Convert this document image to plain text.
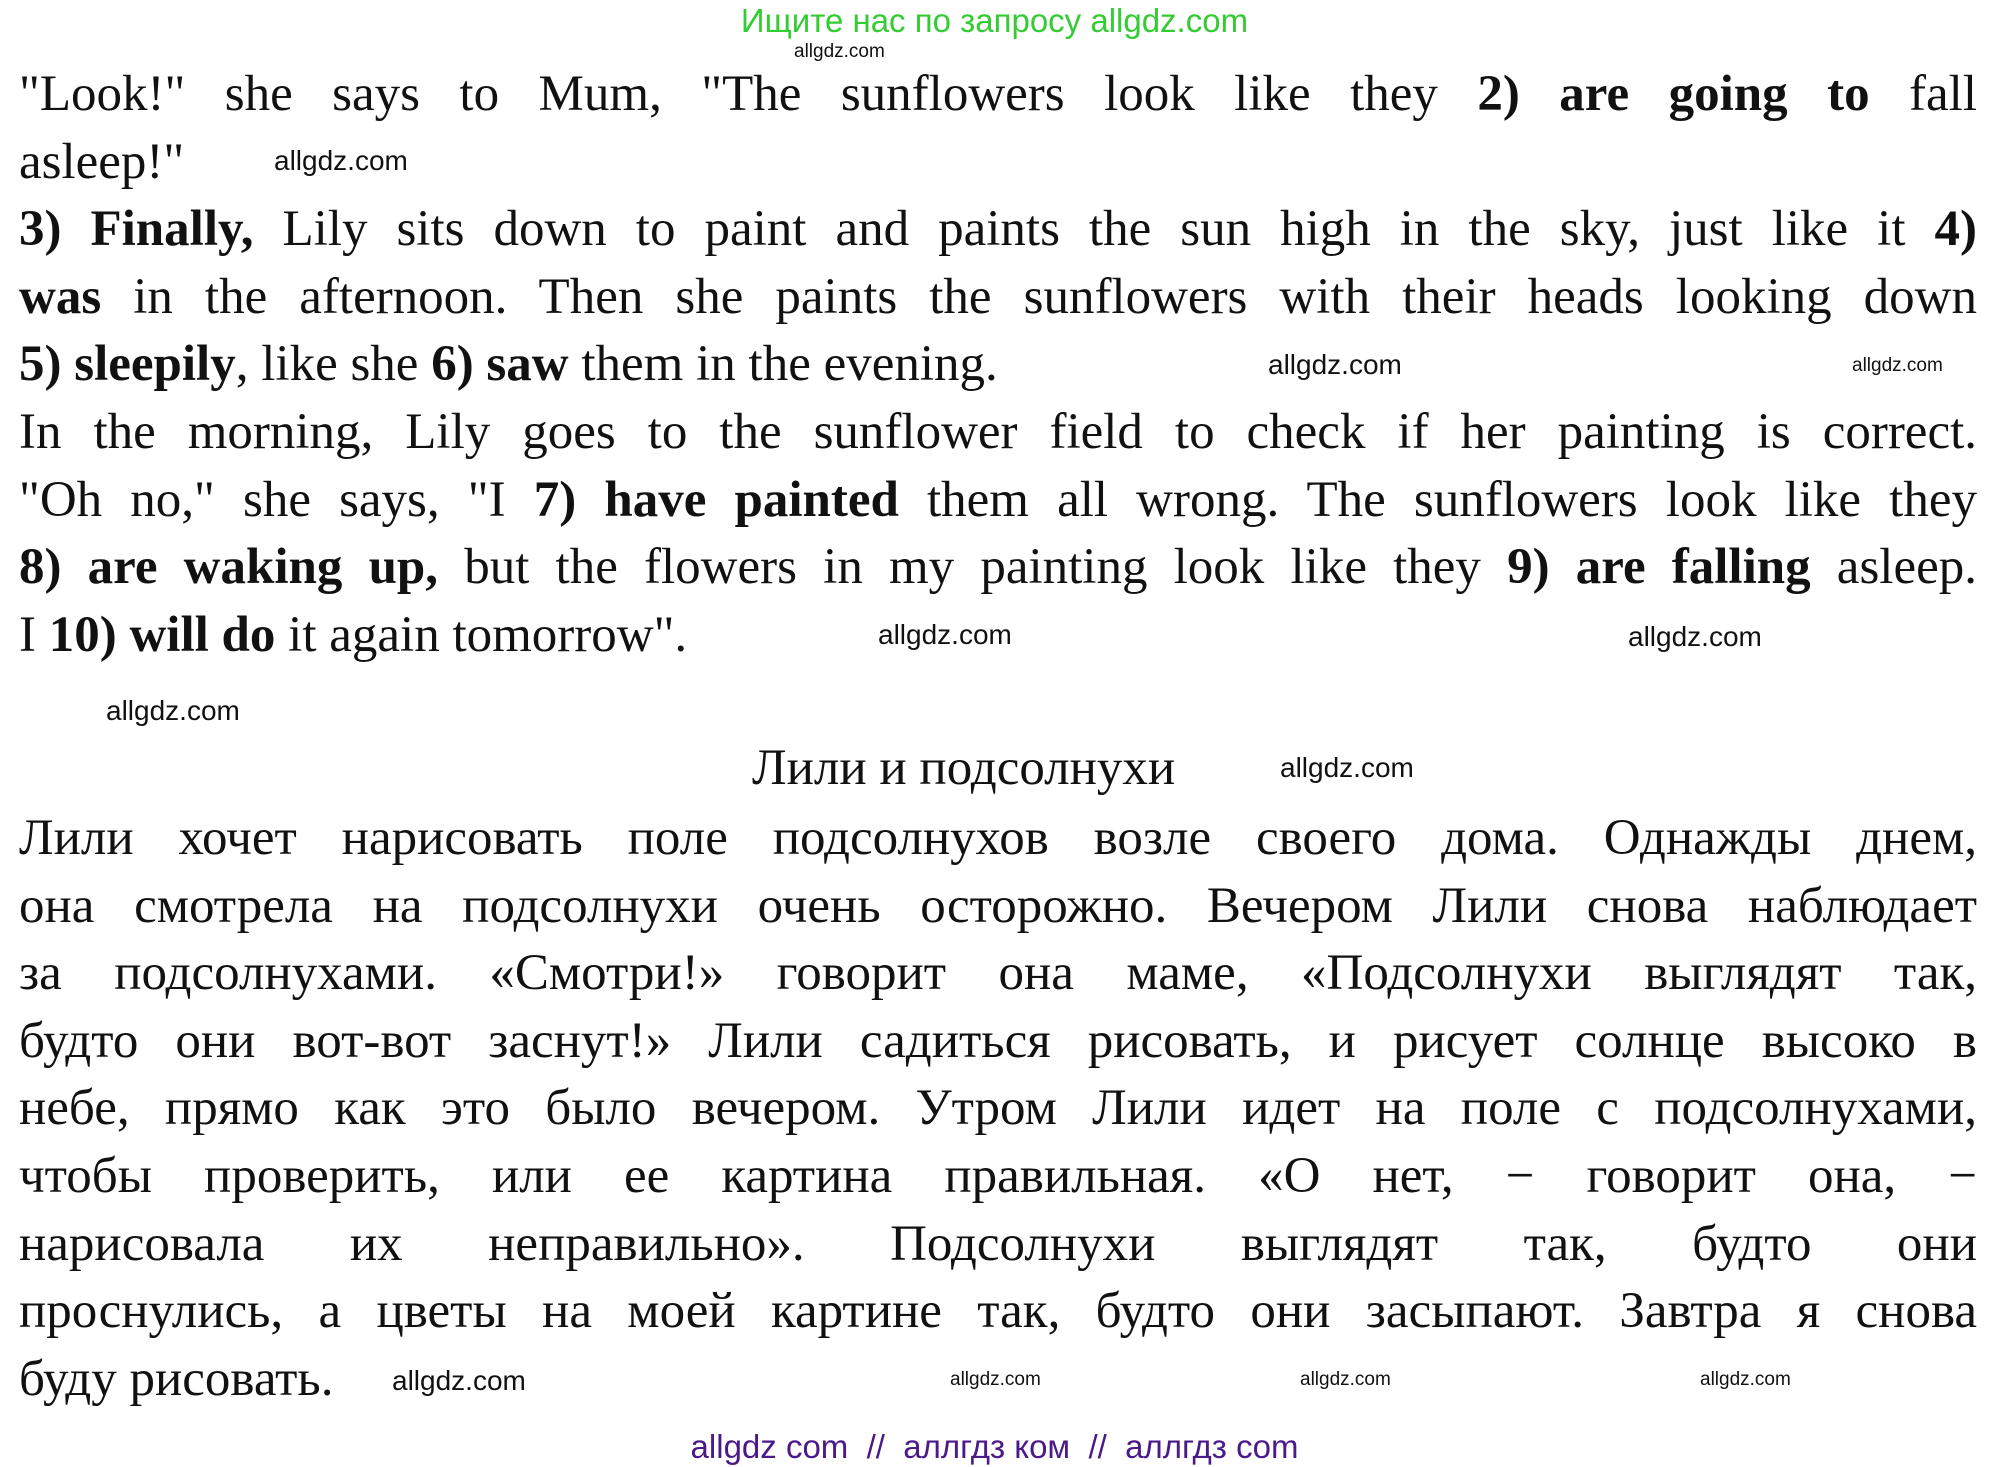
Ищите нас по запросу allgdz.com
"Look!" she says to Mum, "The sunflowers look like they 2) are going to fall
asleep!"
3) Finally, Lily sits down to paint and paints the sun high in the sky, just like it 4)
was in the afternoon. Then she paints the sunflowers with their heads looking down
5) sleepily, like she 6) saw them in the evening.
In the morning, Lily goes to the sunflower field to check if her painting is correct.
"Oh no," she says, "I 7) have painted them all wrong. The sunflowers look like they
8) are waking up, but the flowers in my painting look like they 9) are falling asleep.
I 10) will do it again tomorrow".
Лили и подсолнухи
Лили хочет нарисовать поле подсолнухов возле своего дома. Однажды днем,
она смотрела на подсолнухи очень осторожно. Вечером Лили снова наблюдает
за подсолнухами. «Смотри!» говорит она маме, «Подсолнухи выглядят так,
будто они вот-вот заснут!» Лили садиться рисовать, и рисует солнце высоко в
небе, прямо как это было вечером. Утром Лили идет на поле с подсолнухами,
чтобы проверить, или ее картина правильная. «О нет, − говорит она, −
нарисовала их неправильно». Подсолнухи выглядят так, будто они
проснулись, а цветы на моей картине так, будто они засыпают. Завтра я снова
буду рисовать.
allgdz.com
allgdz.com
allgdz.com
allgdz.com
allgdz.com
allgdz.com
allgdz.com
allgdz.com
allgdz.com	allgdz.com	allgdz.com
allgdz.com
allgdz com  //  аллгдз ком  //  аллгдз com
